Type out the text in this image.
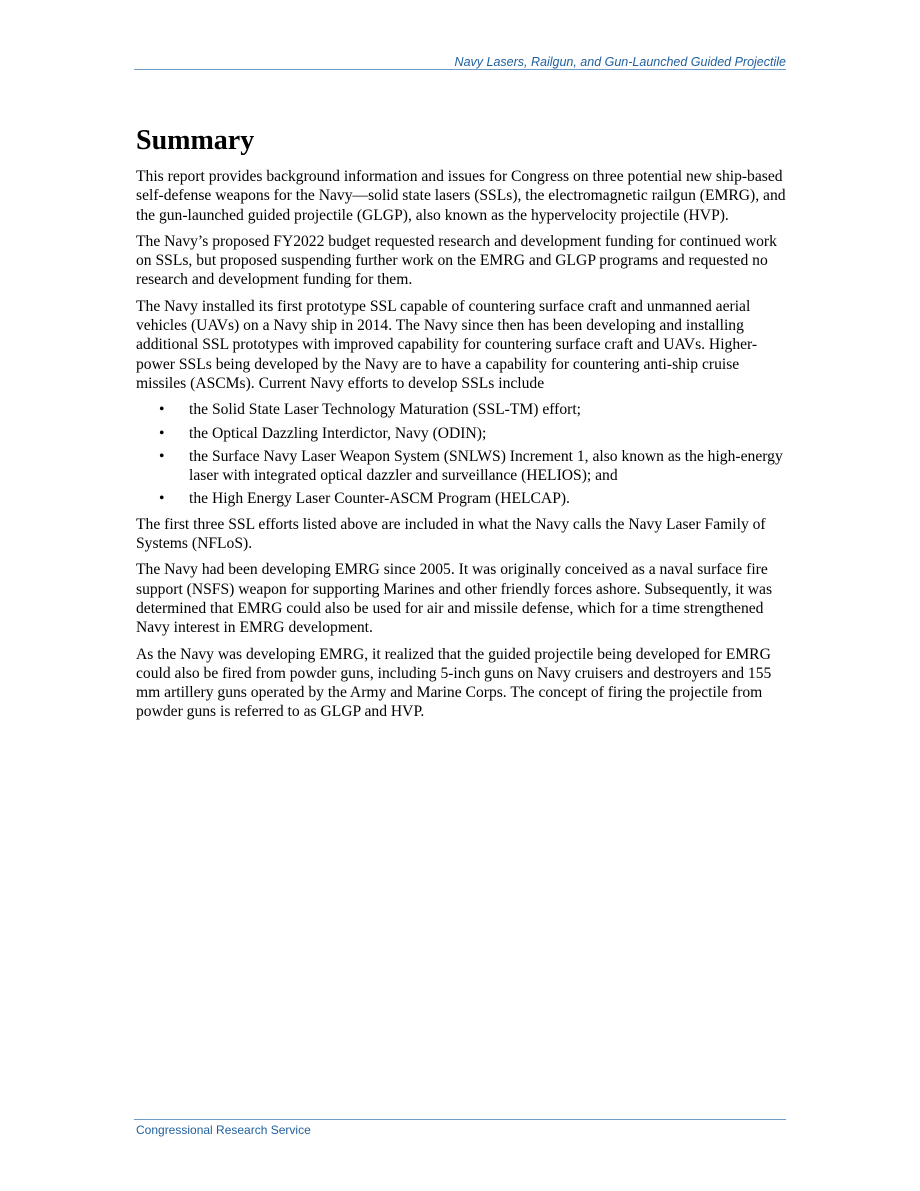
Navy Lasers, Railgun, and Gun-Launched Guided Projectile
Summary

This report provides background information and issues for Congress on three potential new ship-based self-defense weapons for the Navy—solid state lasers (SSLs), the electromagnetic railgun (EMRG), and the gun-launched guided projectile (GLGP), also known as the hypervelocity projectile (HVP).

The Navy’s proposed FY2022 budget requested research and development funding for continued work on SSLs, but proposed suspending further work on the EMRG and GLGP programs and requested no research and development funding for them.

The Navy installed its first prototype SSL capable of countering surface craft and unmanned aerial vehicles (UAVs) on a Navy ship in 2014. The Navy since then has been developing and installing additional SSL prototypes with improved capability for countering surface craft and UAVs. Higher-power SSLs being developed by the Navy are to have a capability for countering anti-ship cruise missiles (ASCMs). Current Navy efforts to develop SSLs include

• the Solid State Laser Technology Maturation (SSL-TM) effort;
• the Optical Dazzling Interdictor, Navy (ODIN);
• the Surface Navy Laser Weapon System (SNLWS) Increment 1, also known as the high-energy laser with integrated optical dazzler and surveillance (HELIOS); and
• the High Energy Laser Counter-ASCM Program (HELCAP).

The first three SSL efforts listed above are included in what the Navy calls the Navy Laser Family of Systems (NFLoS).

The Navy had been developing EMRG since 2005. It was originally conceived as a naval surface fire support (NSFS) weapon for supporting Marines and other friendly forces ashore. Subsequently, it was determined that EMRG could also be used for air and missile defense, which for a time strengthened Navy interest in EMRG development.

As the Navy was developing EMRG, it realized that the guided projectile being developed for EMRG could also be fired from powder guns, including 5-inch guns on Navy cruisers and destroyers and 155 mm artillery guns operated by the Army and Marine Corps. The concept of firing the projectile from powder guns is referred to as GLGP and HVP.

Congressional Research Service
